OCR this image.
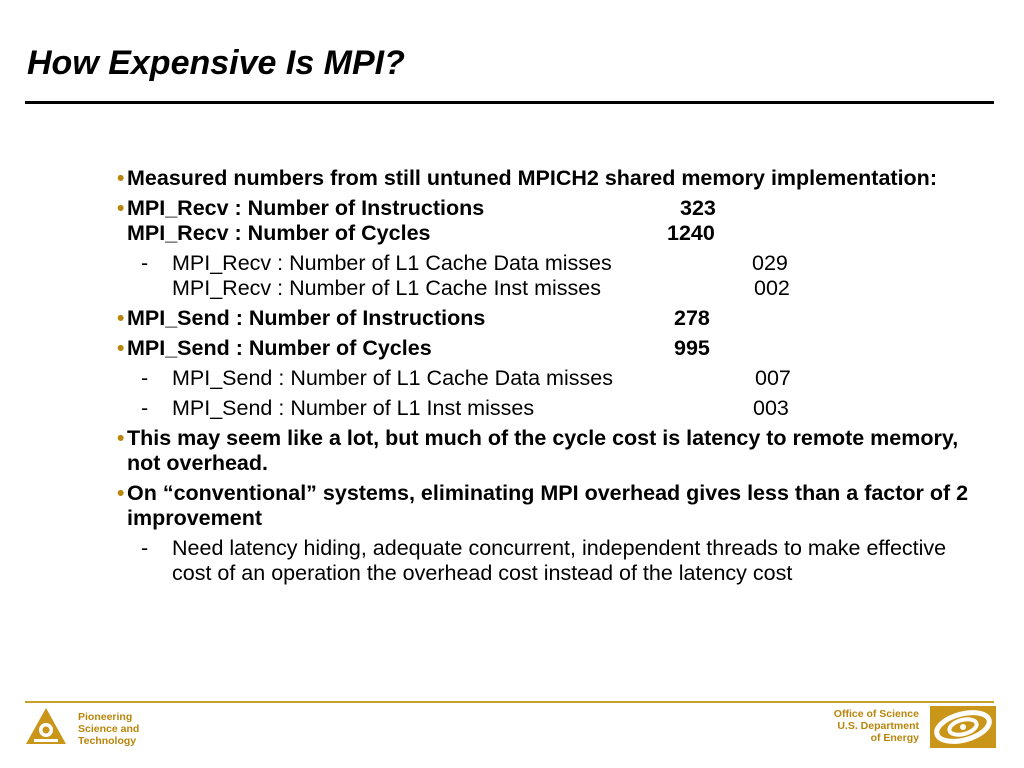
How Expensive Is MPI?
• Measured numbers from still untuned MPICH2 shared memory implementation:
• MPI_Recv : Number of Instructions	323
MPI_Recv : Number of Cycles	1240
- MPI_Recv : Number of L1 Cache Data misses	029
MPI_Recv : Number of L1 Cache Inst misses	002
• MPI_Send : Number of Instructions	278
• MPI_Send : Number of Cycles	995
- MPI_Send : Number of L1 Cache Data misses	007
- MPI_Send : Number of L1 Inst misses	003
• This may seem like a lot, but much of the cycle cost is latency to remote memory, not overhead.
• On “conventional” systems, eliminating MPI overhead gives less than a factor of 2 improvement
- Need latency hiding, adequate concurrent, independent threads to make effective cost of an operation the overhead cost instead of the latency cost
Pioneering
Science and
Technology
Office of Science
U.S. Department
of Energy
